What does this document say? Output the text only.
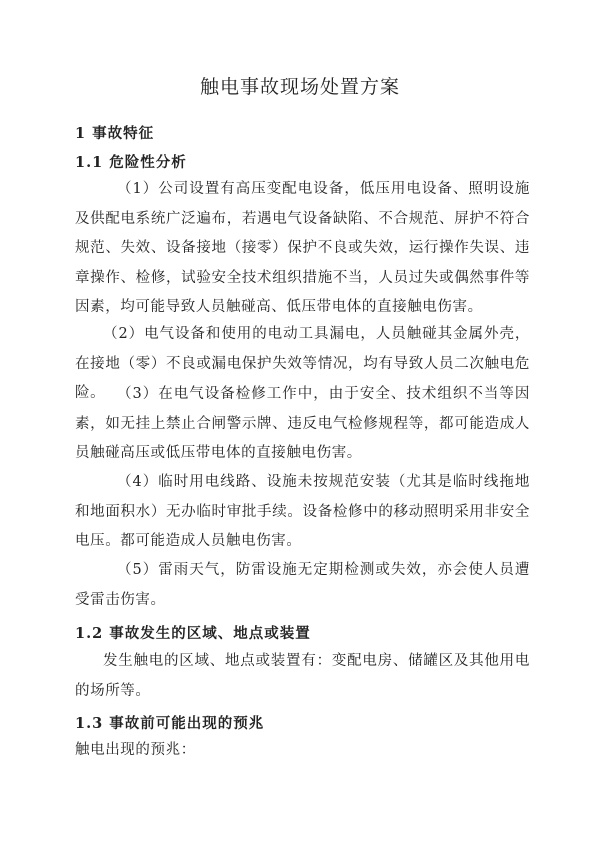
触电事故现场处置方案
1 事故特征
1.1 危险性分析

（1）公司设置有高压变配电设备，低压用电设备、照明设施及供配电系统广泛遍布，若遇电气设备缺陷、不合规范、屏护不符合规范、失效、设备接地（接零）保护不良或失效，运行操作失误、违章操作、检修，试验安全技术组织措施不当，人员过失或偶然事件等因素，均可能导致人员触碰高、低压带电体的直接触电伤害。

（2）电气设备和使用的电动工具漏电，人员触碰其金属外壳，在接地（零）不良或漏电保护失效等情况，均有导致人员二次触电危险。 （3）在电气设备检修工作中，由于安全、技术组织不当等因素，如无挂上禁止合闸警示牌、违反电气检修规程等，都可能造成人员触碰高压或低压带电体的直接触电伤害。

（4）临时用电线路、设施未按规范安装（尤其是临时线拖地和地面积水）无办临时审批手续。设备检修中的移动照明采用非安全电压。都可能造成人员触电伤害。

（5）雷雨天气，防雷设施无定期检测或失效，亦会使人员遭受雷击伤害。

1.2 事故发生的区域、地点或装置

发生触电的区域、地点或装置有：变配电房、储罐区及其他用电的场所等。

1.3 事故前可能出现的预兆

触电出现的预兆：
